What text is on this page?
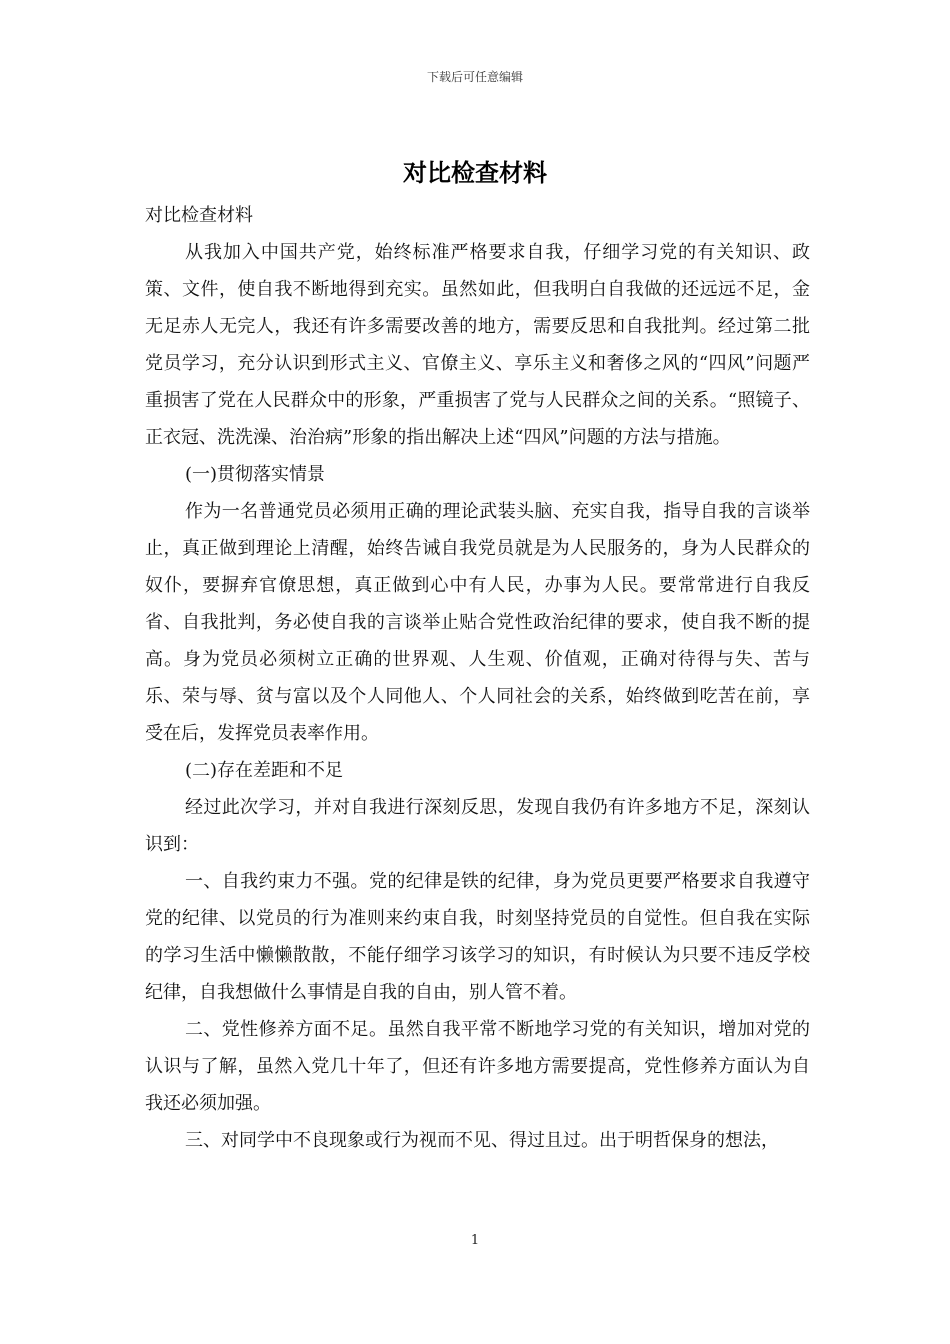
下载后可任意编辑
对比检查材料

对比检查材料

从我加入中国共产党，始终标准严格要求自我，仔细学习党的有关知识、政策、文件，使自我不断地得到充实。虽然如此，但我明白自我做的还远远不足，金无足赤人无完人，我还有许多需要改善的地方，需要反思和自我批判。经过第二批党员学习，充分认识到形式主义、官僚主义、享乐主义和奢侈之风的“四风”问题严重损害了党在人民群众中的形象，严重损害了党与人民群众之间的关系。“照镜子、正衣冠、洗洗澡、治治病”形象的指出解决上述“四风”问题的方法与措施。

(一)贯彻落实情景

作为一名普通党员必须用正确的理论武装头脑、充实自我，指导自我的言谈举止，真正做到理论上清醒，始终告诫自我党员就是为人民服务的，身为人民群众的奴仆，要摒弃官僚思想，真正做到心中有人民，办事为人民。要常常进行自我反省、自我批判，务必使自我的言谈举止贴合党性政治纪律的要求，使自我不断的提高。身为党员必须树立正确的世界观、人生观、价值观，正确对待得与失、苦与乐、荣与辱、贫与富以及个人同他人、个人同社会的关系，始终做到吃苦在前，享受在后，发挥党员表率作用。

(二)存在差距和不足

经过此次学习，并对自我进行深刻反思，发现自我仍有许多地方不足，深刻认识到：

一、自我约束力不强。党的纪律是铁的纪律，身为党员更要严格要求自我遵守党的纪律、以党员的行为准则来约束自我，时刻坚持党员的自觉性。但自我在实际的学习生活中懒懒散散，不能仔细学习该学习的知识，有时候认为只要不违反学校纪律，自我想做什么事情是自我的自由，别人管不着。

二、党性修养方面不足。虽然自我平常不断地学习党的有关知识，增加对党的认识与了解，虽然入党几十年了，但还有许多地方需要提高，党性修养方面认为自我还必须加强。

三、对同学中不良现象或行为视而不见、得过且过。出于明哲保身的想法，

1
